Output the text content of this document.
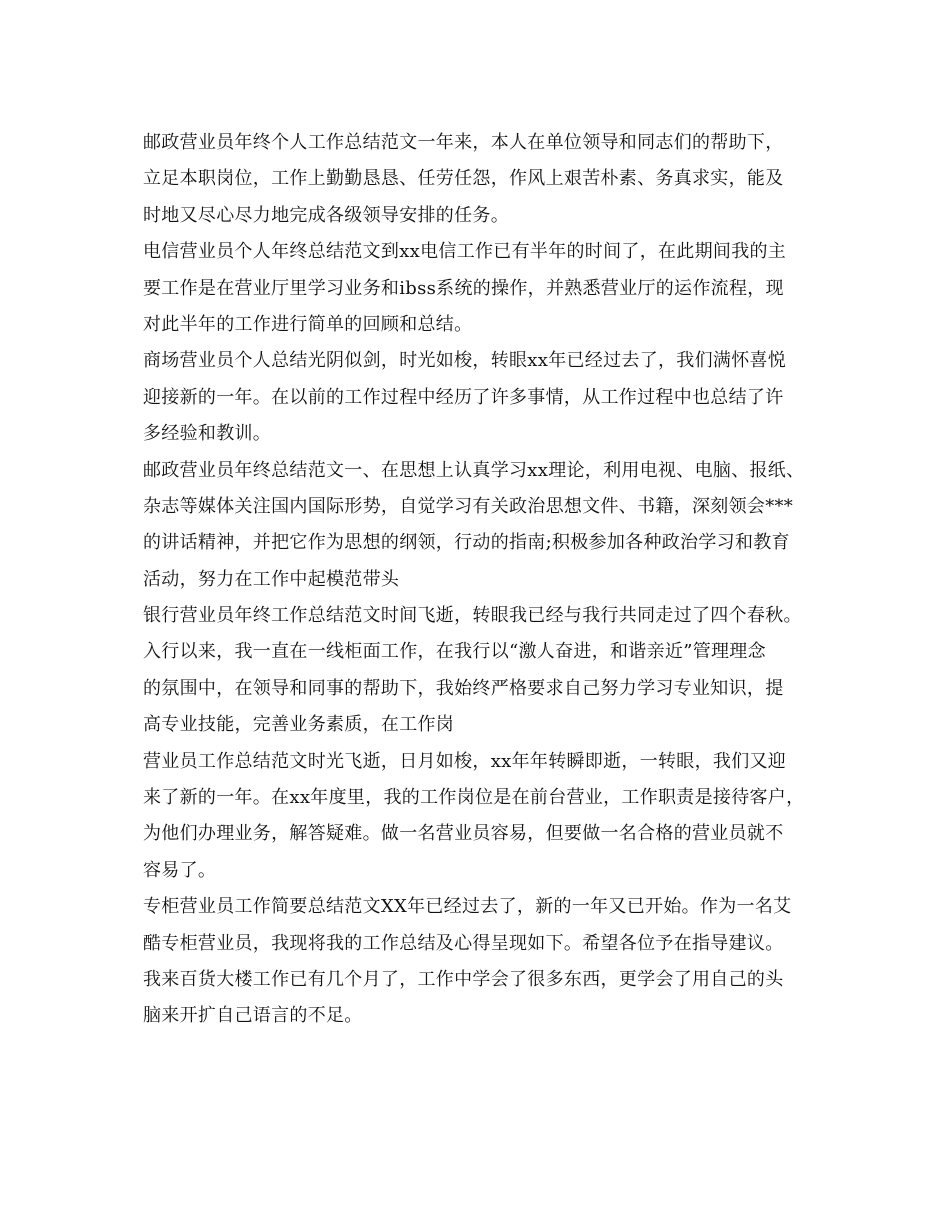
邮政营业员年终个人工作总结范文一年来，本人在单位领导和同志们的帮助下，
立足本职岗位，工作上勤勤恳恳、任劳任怨，作风上艰苦朴素、务真求实，能及
时地又尽心尽力地完成各级领导安排的任务。
电信营业员个人年终总结范文到xx电信工作已有半年的时间了，在此期间我的主
要工作是在营业厅里学习业务和ibss系统的操作，并熟悉营业厅的运作流程，现
对此半年的工作进行简单的回顾和总结。
商场营业员个人总结光阴似剑，时光如梭，转眼xx年已经过去了，我们满怀喜悦
迎接新的一年。在以前的工作过程中经历了许多事情，从工作过程中也总结了许
多经验和教训。
邮政营业员年终总结范文一、在思想上认真学习xx理论，利用电视、电脑、报纸、
杂志等媒体关注国内国际形势，自觉学习有关政治思想文件、书籍，深刻领会***
的讲话精神，并把它作为思想的纲领，行动的指南;积极参加各种政治学习和教育
活动，努力在工作中起模范带头
银行营业员年终工作总结范文时间飞逝，转眼我已经与我行共同走过了四个春秋。
入行以来，我一直在一线柜面工作，在我行以“激人奋进，和谐亲近”管理理念
的氛围中，在领导和同事的帮助下，我始终严格要求自己努力学习专业知识，提
高专业技能，完善业务素质，在工作岗
营业员工作总结范文时光飞逝，日月如梭，xx年年转瞬即逝，一转眼，我们又迎
来了新的一年。在xx年度里，我的工作岗位是在前台营业，工作职责是接待客户，
为他们办理业务，解答疑难。做一名营业员容易，但要做一名合格的营业员就不
容易了。
专柜营业员工作简要总结范文XX年已经过去了，新的一年又已开始。作为一名艾
酷专柜营业员，我现将我的工作总结及心得呈现如下。希望各位予在指导建议。
我来百货大楼工作已有几个月了，工作中学会了很多东西，更学会了用自己的头
脑来开扩自己语言的不足。
